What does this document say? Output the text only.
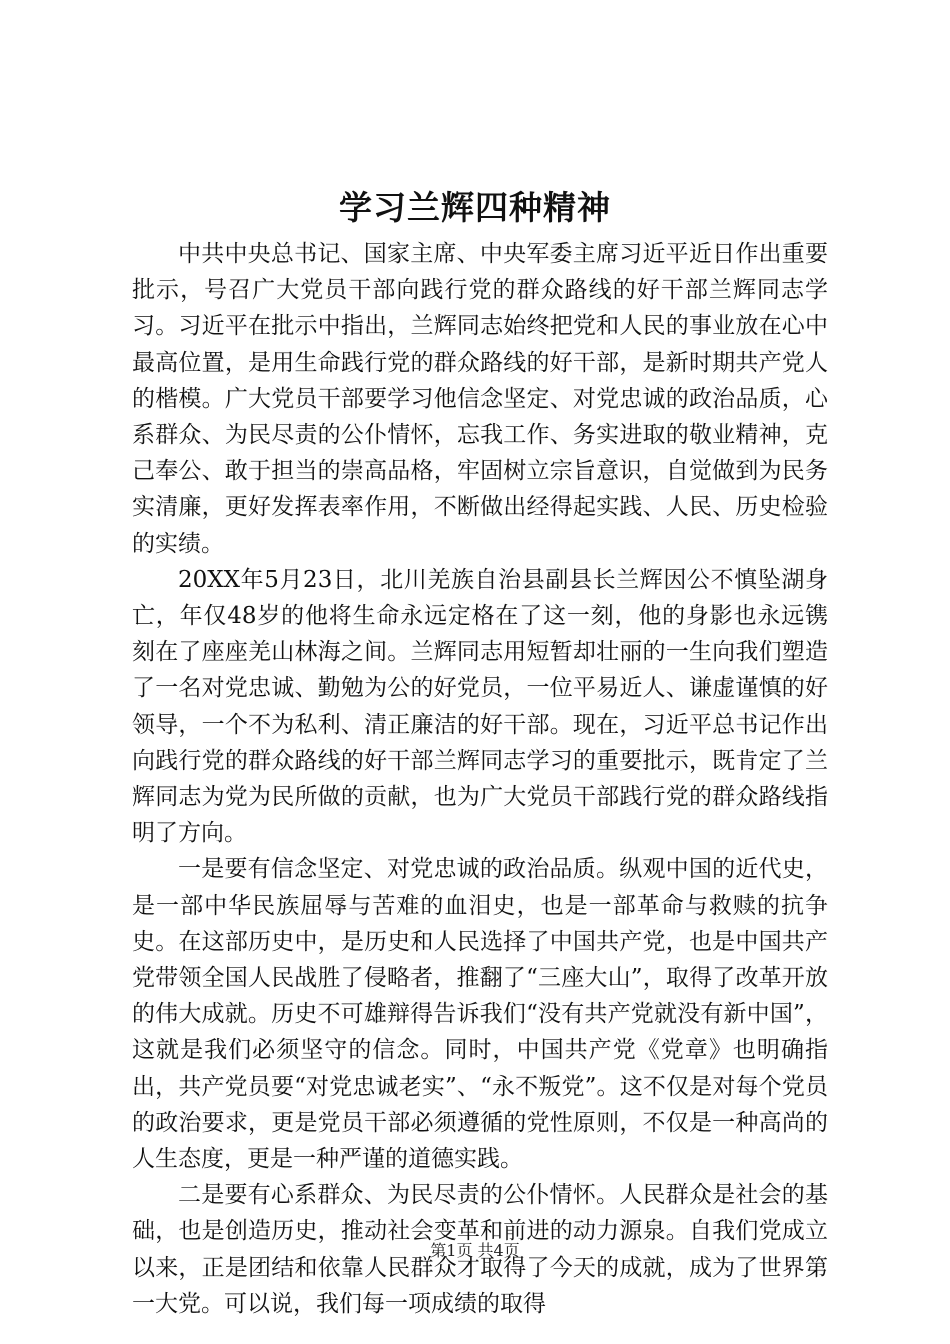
学习兰辉四种精神

中共中央总书记、国家主席、中央军委主席习近平近日作出重要批示，号召广大党员干部向践行党的群众路线的好干部兰辉同志学习。习近平在批示中指出，兰辉同志始终把党和人民的事业放在心中最高位置，是用生命践行党的群众路线的好干部，是新时期共产党人的楷模。广大党员干部要学习他信念坚定、对党忠诚的政治品质，心系群众、为民尽责的公仆情怀，忘我工作、务实进取的敬业精神，克己奉公、敢于担当的崇高品格，牢固树立宗旨意识，自觉做到为民务实清廉，更好发挥表率作用，不断做出经得起实践、人民、历史检验的实绩。

20XX年5月23日，北川羌族自治县副县长兰辉因公不慎坠湖身亡，年仅48岁的他将生命永远定格在了这一刻，他的身影也永远镌刻在了座座羌山林海之间。兰辉同志用短暂却壮丽的一生向我们塑造了一名对党忠诚、勤勉为公的好党员，一位平易近人、谦虚谨慎的好领导，一个不为私利、清正廉洁的好干部。现在，习近平总书记作出向践行党的群众路线的好干部兰辉同志学习的重要批示，既肯定了兰辉同志为党为民所做的贡献，也为广大党员干部践行党的群众路线指明了方向。

一是要有信念坚定、对党忠诚的政治品质。纵观中国的近代史，是一部中华民族屈辱与苦难的血泪史，也是一部革命与救赎的抗争史。在这部历史中，是历史和人民选择了中国共产党，也是中国共产党带领全国人民战胜了侵略者，推翻了“三座大山”，取得了改革开放的伟大成就。历史不可雄辩得告诉我们“没有共产党就没有新中国”，这就是我们必须坚守的信念。同时，中国共产党《党章》也明确指出，共产党员要“对党忠诚老实”、“永不叛党”。这不仅是对每个党员的政治要求，更是党员干部必须遵循的党性原则，不仅是一种高尚的人生态度，更是一种严谨的道德实践。

二是要有心系群众、为民尽责的公仆情怀。人民群众是社会的基础，也是创造历史，推动社会变革和前进的动力源泉。自我们党成立以来，正是团结和依靠人民群众才取得了今天的成就，成为了世界第一大党。可以说，我们每一项成绩的取得

第1页 共4页
